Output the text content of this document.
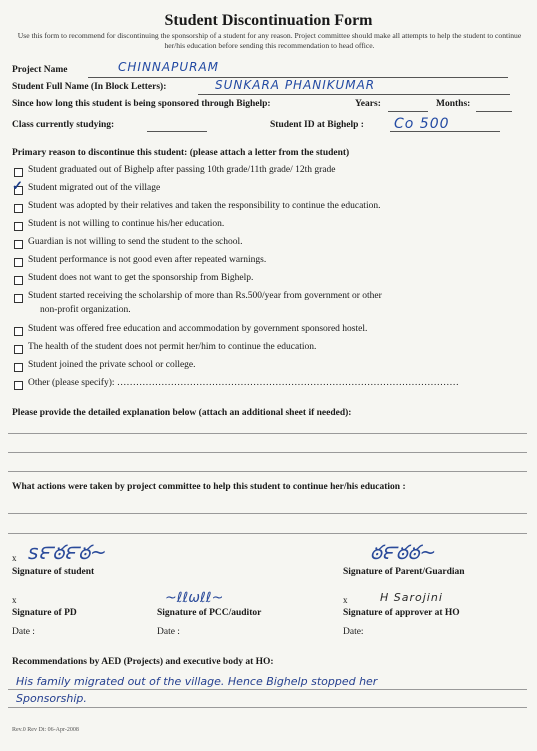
Student Discontinuation Form
Use this form to recommend for discontinuing the sponsorship of a student for any reason. Project committee should make all attempts to help the student to continue her/his education before sending this recommendation to head office.
Project Name	CHINNAPURAM
Student Full Name (In Block Letters):	SUNKARA PHANIKUMAR
Since how long this student is being sponsored through Bighelp:	Years:	Months:
Class currently studying:	Student ID at Bighelp : Co 500
Primary reason to discontinue this student: (please attach a letter from the student)
Student graduated out of Bighelp after passing 10th grade/11th grade/ 12th grade
✓ Student migrated out of the village
Student was adopted by their relatives and taken the responsibility to continue the education.
Student is not willing to continue his/her education.
Guardian is not willing to send the student to the school.
Student performance is not good even after repeated warnings.
Student does not want to get the sponsorship from Bighelp.
Student started receiving the scholarship of more than Rs.500/year from government or other
non-profit organization.
Student was offered free education and accommodation by government sponsored hostel.
The health of the student does not permit her/him to continue the education.
Student joined the private school or college.
Other (please specify): ………………………………………………………………………………………………
Please provide the detailed explanation below (attach an additional sheet if needed):
What actions were taken by project committee to help this student to continue her/his education :
x ꜱ౯ఠ౯ఠ~
Signature of student
ఠ౯ఠఠ~
Signature of Parent/Guardian
x
Signature of PD
Date :
~ℓℓωℓℓ~
Signature of PCC/auditor
Date :
x	H Sarojini
Signature of approver at HO
Date:
Recommendations by AED (Projects) and executive body at HO:
His family migrated out of the village. Hence Bighelp stopped her
Sponsorship.
Rev.0 Rev Dt: 06-Apr-2008
